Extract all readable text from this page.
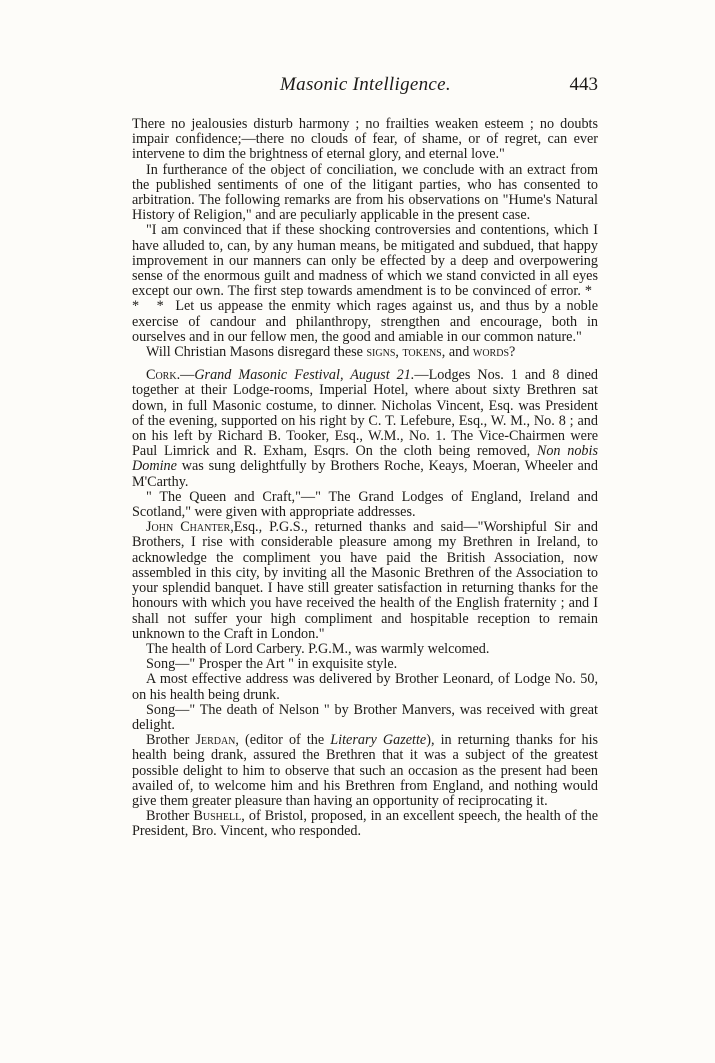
Masonic Intelligence.	443

There no jealousies disturb harmony ; no frailties weaken esteem ; no doubts impair confidence;—there no clouds of fear, of shame, or of regret, can ever intervene to dim the brightness of eternal glory, and eternal love."

In furtherance of the object of conciliation, we conclude with an extract from the published sentiments of one of the litigant parties, who has consented to arbitration. The following remarks are from his observations on "Hume's Natural History of Religion," and are peculiarly applicable in the present case.

"I am convinced that if these shocking controversies and contentions, which I have alluded to, can, by any human means, be mitigated and subdued, that happy improvement in our manners can only be effected by a deep and overpowering sense of the enormous guilt and madness of which we stand convicted in all eyes except our own. The first step towards amendment is to be convinced of error. * * * Let us appease the enmity which rages against us, and thus by a noble exercise of candour and philanthropy, strengthen and encourage, both in ourselves and in our fellow men, the good and amiable in our common nature."

Will Christian Masons disregard these signs, tokens, and words?

Cork.—Grand Masonic Festival, August 21.—Lodges Nos. 1 and 8 dined together at their Lodge-rooms, Imperial Hotel, where about sixty Brethren sat down, in full Masonic costume, to dinner. Nicholas Vincent, Esq. was President of the evening, supported on his right by C. T. Lefebure, Esq., W. M., No. 8 ; and on his left by Richard B. Tooker, Esq., W.M., No. 1. The Vice-Chairmen were Paul Limrick and R. Exham, Esqrs. On the cloth being removed, Non nobis Domine was sung delightfully by Brothers Roche, Keays, Moeran, Wheeler and M'Carthy.

" The Queen and Craft,"—" The Grand Lodges of England, Ireland and Scotland," were given with appropriate addresses.

John Chanter,Esq., P.G.S., returned thanks and said—"Worshipful Sir and Brothers, I rise with considerable pleasure among my Brethren in Ireland, to acknowledge the compliment you have paid the British Association, now assembled in this city, by inviting all the Masonic Brethren of the Association to your splendid banquet. I have still greater satisfaction in returning thanks for the honours with which you have received the health of the English fraternity ; and I shall not suffer your high compliment and hospitable reception to remain unknown to the Craft in London."

The health of Lord Carbery. P.G.M., was warmly welcomed.

Song—" Prosper the Art " in exquisite style.

A most effective address was delivered by Brother Leonard, of Lodge No. 50, on his health being drunk.

Song—" The death of Nelson " by Brother Manvers, was received with great delight.

Brother Jerdan, (editor of the Literary Gazette), in returning thanks for his health being drank, assured the Brethren that it was a subject of the greatest possible delight to him to observe that such an occasion as the present had been availed of, to welcome him and his Brethren from England, and nothing would give them greater pleasure than having an opportunity of reciprocating it.

Brother Bushell, of Bristol, proposed, in an excellent speech, the health of the President, Bro. Vincent, who responded.
